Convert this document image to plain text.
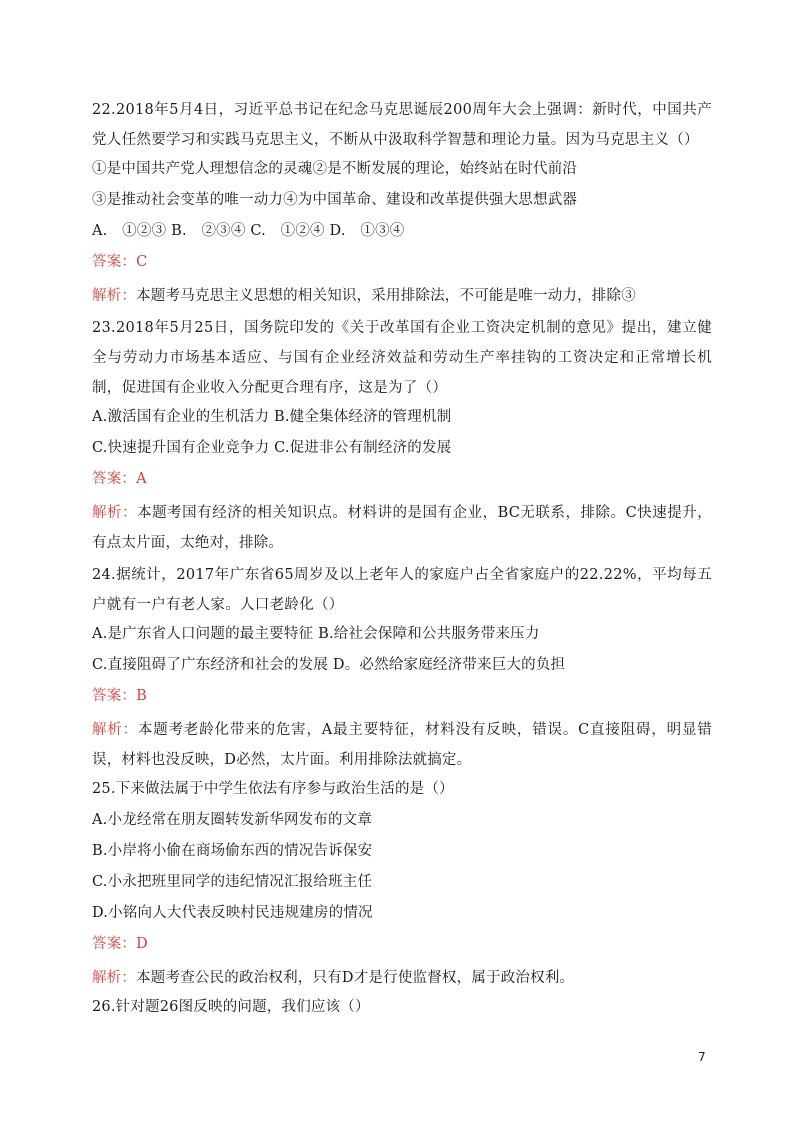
22.2018年5月4日，习近平总书记在纪念马克思诞辰200周年大会上强调：新时代，中国共产党人任然要学习和实践马克思主义，不断从中汲取科学智慧和理论力量。因为马克思主义（）

①是中国共产党人理想信念的灵魂②是不断发展的理论，始终站在时代前沿

③是推动社会变革的唯一动力④为中国革命、建设和改革提供强大思想武器

A.　①②③ B.　②③④ C.　①②④ D.　①③④

答案：C

解析：本题考马克思主义思想的相关知识，采用排除法，不可能是唯一动力，排除③

23.2018年5月25日，国务院印发的《关于改革国有企业工资决定机制的意见》提出，建立健全与劳动力市场基本适应、与国有企业经济效益和劳动生产率挂钩的工资决定和正常增长机制，促进国有企业收入分配更合理有序，这是为了（）

A.激活国有企业的生机活力 B.健全集体经济的管理机制

C.快速提升国有企业竞争力 C.促进非公有制经济的发展

答案：A

解析：本题考国有经济的相关知识点。材料讲的是国有企业，BC无联系，排除。C快速提升，有点太片面，太绝对，排除。

24.据统计，2017年广东省65周岁及以上老年人的家庭户占全省家庭户的22.22%，平均每五户就有一户有老人家。人口老龄化（）

A.是广东省人口问题的最主要特征 B.给社会保障和公共服务带来压力

C.直接阻碍了广东经济和社会的发展 D。必然给家庭经济带来巨大的负担

答案：B

解析：本题考老龄化带来的危害，A最主要特征，材料没有反映，错误。C直接阻碍，明显错误，材料也没反映，D必然，太片面。利用排除法就搞定。

25.下来做法属于中学生依法有序参与政治生活的是（）

A.小龙经常在朋友圈转发新华网发布的文章

B.小岸将小偷在商场偷东西的情况告诉保安

C.小永把班里同学的违纪情况汇报给班主任

D.小铭向人大代表反映村民违规建房的情况

答案：D

解析：本题考查公民的政治权利，只有D才是行使监督权，属于政治权利。

26.针对题26图反映的问题，我们应该（）

7
